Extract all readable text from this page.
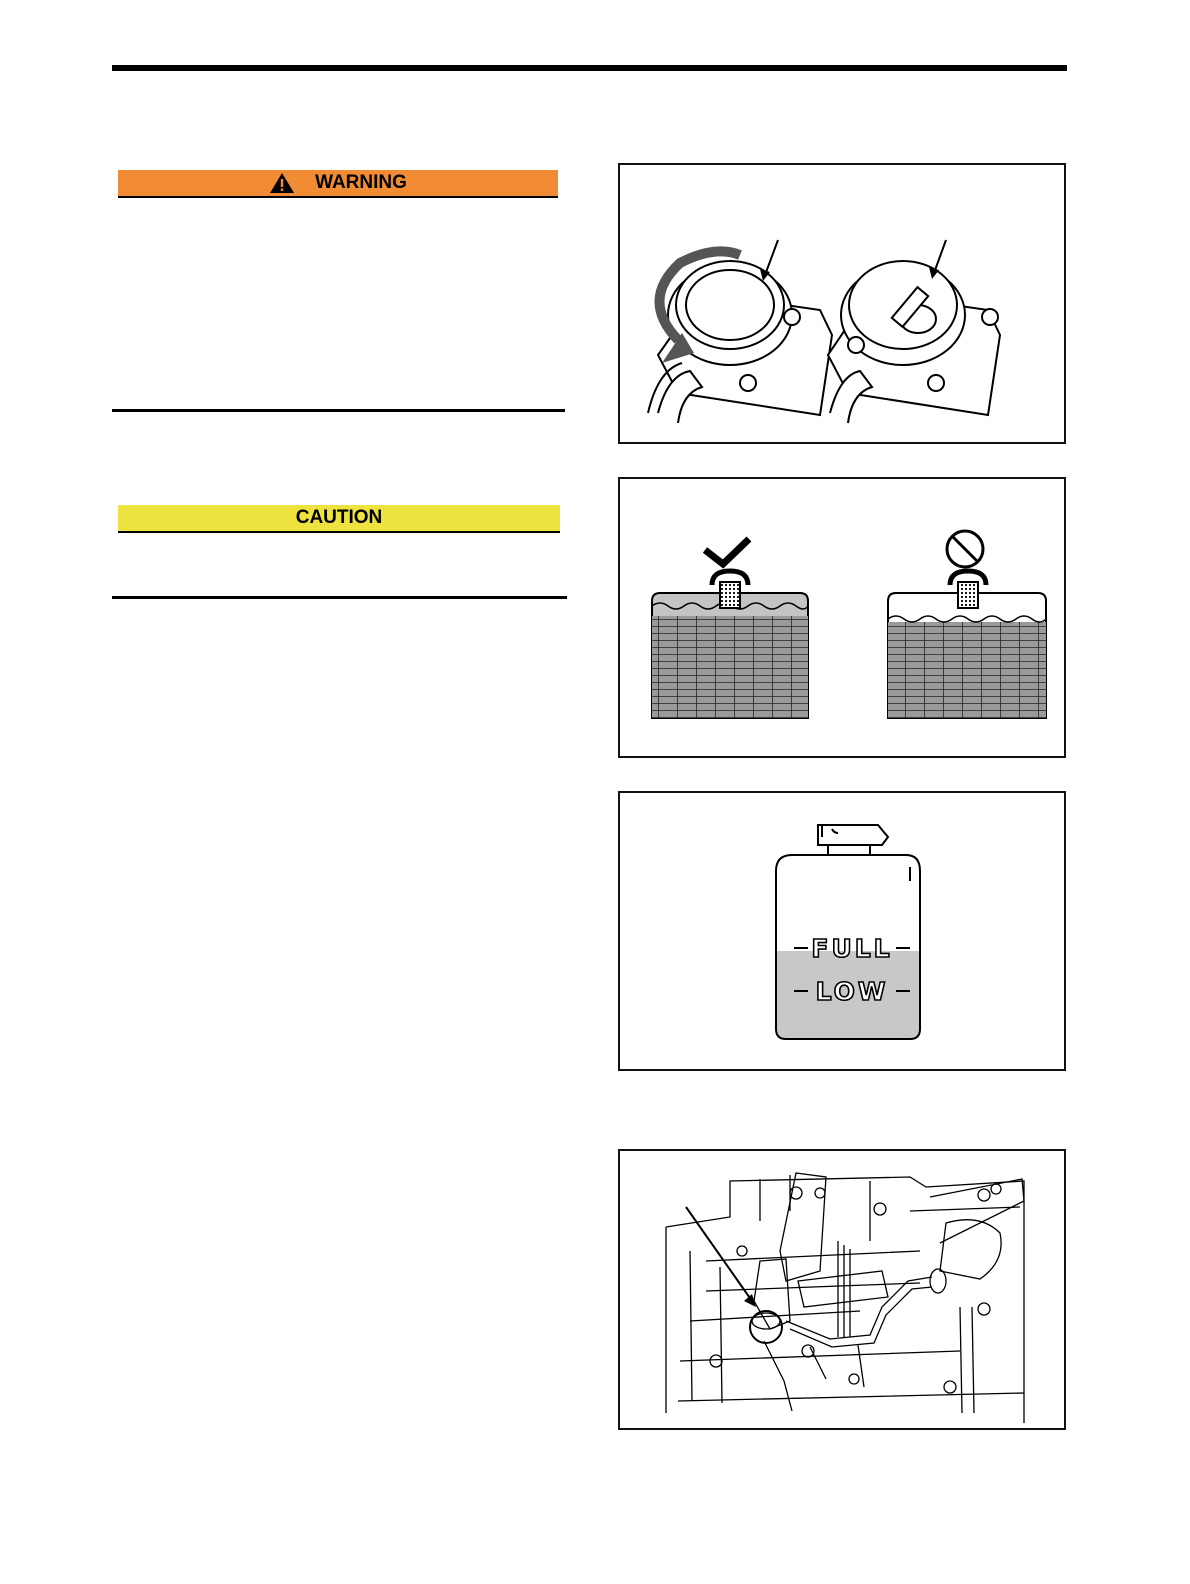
WARNING
CAUTION
FULL
LOW
